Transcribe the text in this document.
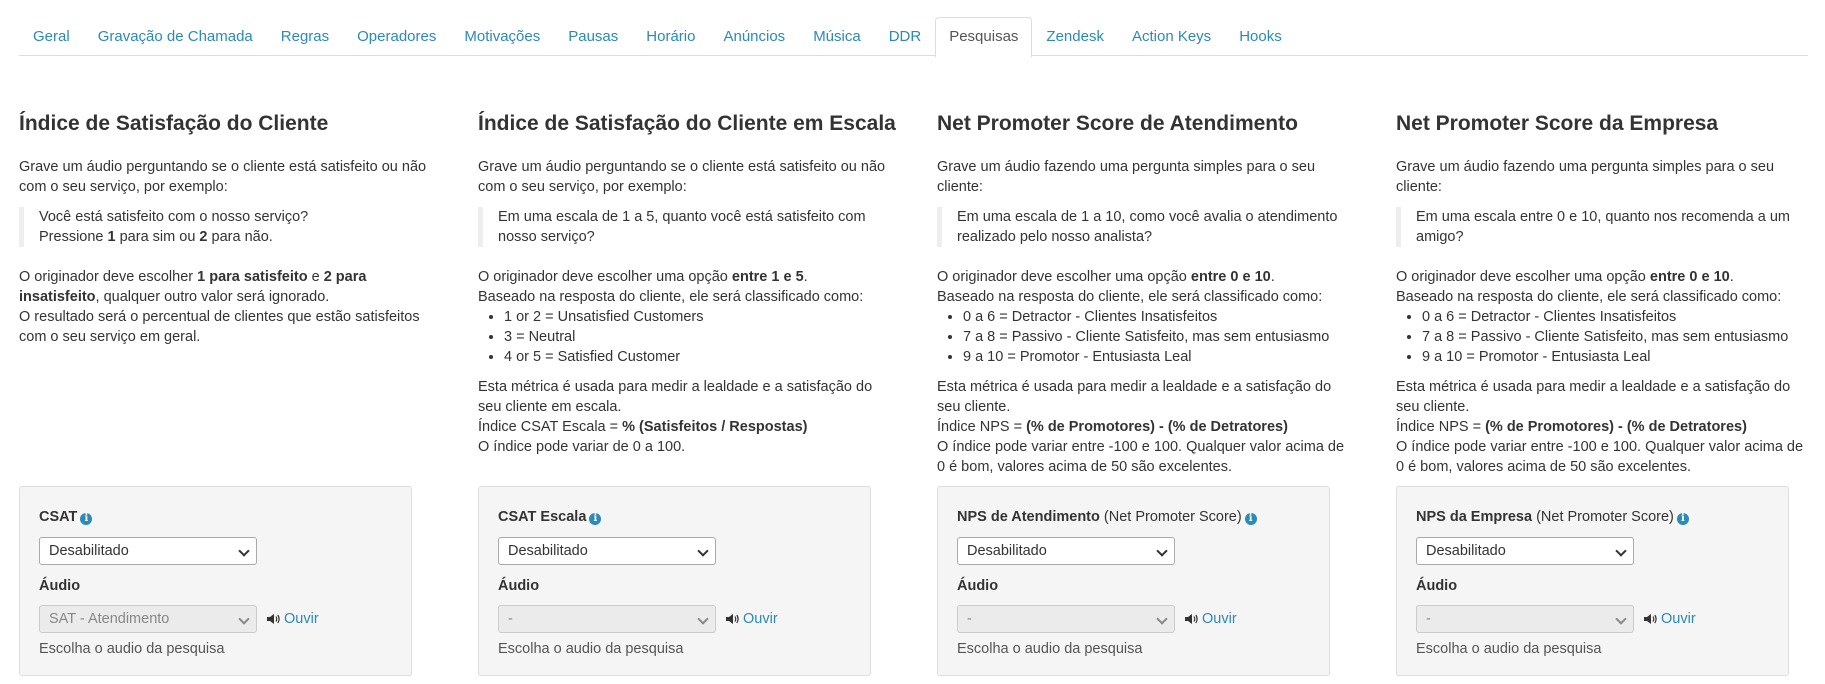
Geral	Gravação de Chamada	Regras	Operadores	Motivações	Pausas	Horário	Anúncios	Música	DDR	Pesquisas	Zendesk	Action Keys	Hooks
Índice de Satisfação do Cliente

Grave um áudio perguntando se o cliente está satisfeito ou não com o seu serviço, por exemplo:

Você está satisfeito com o nosso serviço?
Pressione 1 para sim ou 2 para não.

O originador deve escolher 1 para satisfeito e 2 para insatisfeito, qualquer outro valor será ignorado.

O resultado será o percentual de clientes que estão satisfeitos com o seu serviço em geral.

Índice de Satisfação do Cliente em Escala

Grave um áudio perguntando se o cliente está satisfeito ou não com o seu serviço, por exemplo:

Em uma escala de 1 a 5, quanto você está satisfeito com nosso serviço?
O originador deve escolher uma opção entre 1 e 5.
Baseado na resposta do cliente, ele será classificado como:
• 1 or 2 = Unsatisfied Customers
• 3 = Neutral
• 4 or 5 = Satisfied Customer
Esta métrica é usada para medir a lealdade e a satisfação do seu cliente em escala.
Índice CSAT Escala = % (Satisfeitos / Respostas)
O índice pode variar de 0 a 100.
Net Promoter Score de Atendimento

Grave um áudio fazendo uma pergunta simples para o seu cliente:

Em uma escala de 1 a 10, como você avalia o atendimento realizado pelo nosso analista?
O originador deve escolher uma opção entre 0 e 10.
Baseado na resposta do cliente, ele será classificado como:
• 0 a 6 = Detractor - Clientes Insatisfeitos
• 7 a 8 = Passivo - Cliente Satisfeito, mas sem entusiasmo
• 9 a 10 = Promotor - Entusiasta Leal
Esta métrica é usada para medir a lealdade e a satisfação do seu cliente.
Índice NPS = (% de Promotores) - (% de Detratores)
O índice pode variar entre -100 e 100. Qualquer valor acima de 0 é bom, valores acima de 50 são excelentes.
Net Promoter Score da Empresa

Grave um áudio fazendo uma pergunta simples para o seu cliente:

Em uma escala entre 0 e 10, quanto nos recomenda a um amigo?
O originador deve escolher uma opção entre 0 e 10.
Baseado na resposta do cliente, ele será classificado como:
• 0 a 6 = Detractor - Clientes Insatisfeitos
• 7 a 8 = Passivo - Cliente Satisfeito, mas sem entusiasmo
• 9 a 10 = Promotor - Entusiasta Leal
Esta métrica é usada para medir a lealdade e a satisfação do seu cliente.
Índice NPS = (% de Promotores) - (% de Detratores)
O índice pode variar entre -100 e 100. Qualquer valor acima de 0 é bom, valores acima de 50 são excelentes.
CSAT i
Desabilitado
Áudio
SAT - Atendimento	Ouvir
Escolha o audio da pesquisa
CSAT Escala i
Desabilitado
Áudio
-	Ouvir
Escolha o audio da pesquisa
NPS de Atendimento (Net Promoter Score) i
Desabilitado
Áudio
-	Ouvir
Escolha o audio da pesquisa
NPS da Empresa (Net Promoter Score) i
Desabilitado
Áudio
-	Ouvir
Escolha o audio da pesquisa
